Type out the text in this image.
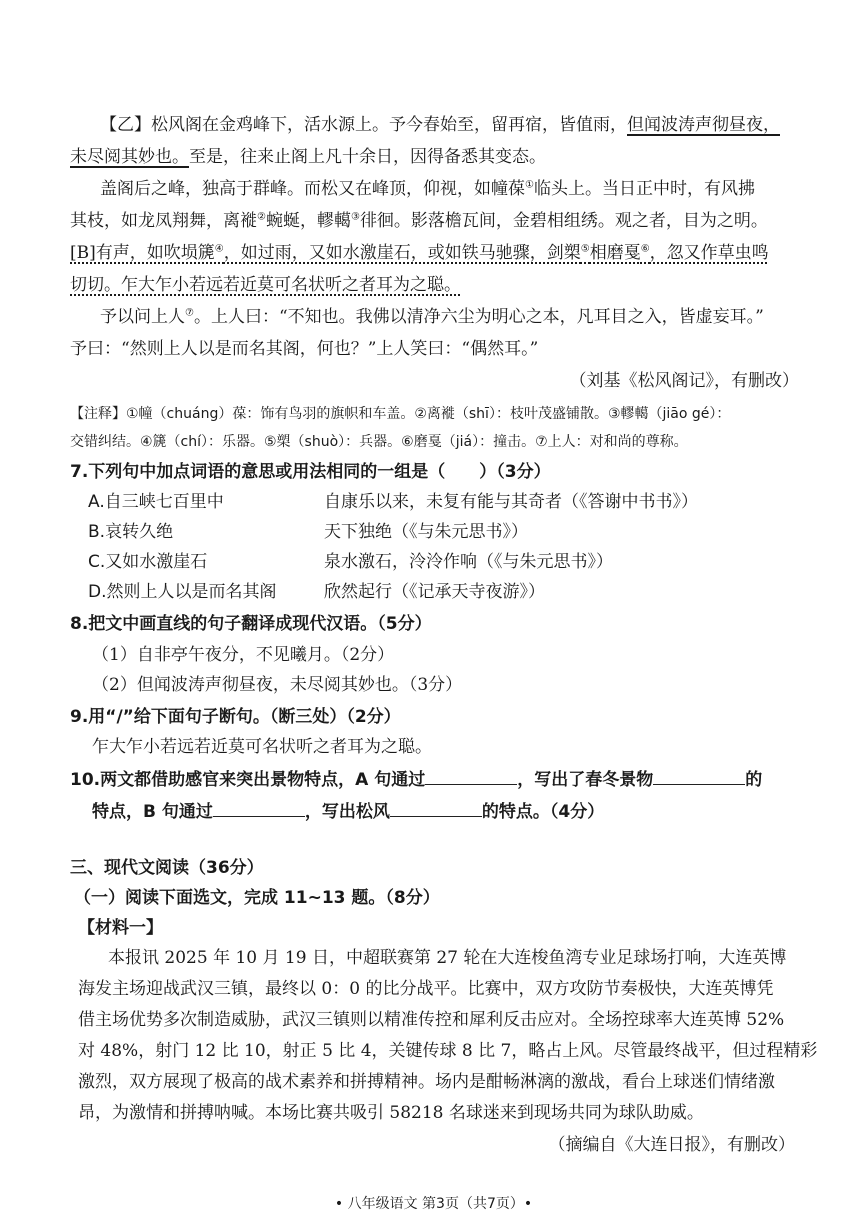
【乙】松风阁在金鸡峰下，活水源上。予今春始至，留再宿，皆值雨，但闻波涛声彻昼夜，
未尽阅其妙也。至是，往来止阁上凡十余日，因得备悉其变态。
盖阁后之峰，独高于群峰。而松又在峰顶，仰视，如幢葆①临头上。当日正中时，有风拂
其枝，如龙凤翔舞，离褷②蜿蜒，轇轕③徘徊。影落檐瓦间，金碧相组绣。观之者，目为之明。
[B]有声，如吹埙篪④，如过雨，又如水激崖石，或如铁马驰骤，剑槊⑤相磨戛⑥，忽又作草虫鸣
切切。乍大乍小若远若近莫可名状听之者耳为之聪。
予以问上人⑦。上人曰：“不知也。我佛以清净六尘为明心之本，凡耳目之入，皆虚妄耳。”
予曰：“然则上人以是而名其阁，何也？”上人笑曰：“偶然耳。”
（刘基《松风阁记》，有删改）
【注释】①幢（chuáng）葆：饰有鸟羽的旗帜和车盖。②离褷（shī）：枝叶茂盛铺散。③轇轕（jiāo gé）：
交错纠结。④篪（chí）：乐器。⑤槊（shuò）：兵器。⑥磨戛（jiá）：撞击。⑦上人：对和尚的尊称。
7.下列句中加点词语的意思或用法相同的一组是（　　）（3分）
A.自三峡七百里中	自康乐以来，未复有能与其奇者（《答谢中书书》）
B.哀转久绝	天下独绝（《与朱元思书》）
C.又如水激崖石	泉水激石，泠泠作响（《与朱元思书》）
D.然则上人以是而名其阁	欣然起行（《记承天寺夜游》）
8.把文中画直线的句子翻译成现代汉语。（5分）
（1）自非亭午夜分，不见曦月。（2分）
（2）但闻波涛声彻昼夜，未尽阅其妙也。（3分）
9.用“/”给下面句子断句。（断三处）（2分）
乍大乍小若远若近莫可名状听之者耳为之聪。
10.两文都借助感官来突出景物特点，A 句通过	，写出了春冬景物	的
特点，B 句通过	，写出松风	的特点。（4分）
三、现代文阅读（36分）
（一）阅读下面选文，完成 11~13 题。（8分）
【材料一】
本报讯 2025 年 10 月 19 日，中超联赛第 27 轮在大连梭鱼湾专业足球场打响，大连英博
海发主场迎战武汉三镇，最终以 0：0 的比分战平。比赛中，双方攻防节奏极快，大连英博凭
借主场优势多次制造威胁，武汉三镇则以精准传控和犀利反击应对。全场控球率大连英博 52%
对 48%，射门 12 比 10，射正 5 比 4，关键传球 8 比 7，略占上风。尽管最终战平，但过程精彩
激烈，双方展现了极高的战术素养和拼搏精神。场内是酣畅淋漓的激战，看台上球迷们情绪激
昂，为激情和拼搏呐喊。本场比赛共吸引 58218 名球迷来到现场共同为球队助威。
（摘编自《大连日报》，有删改）
• 八年级语文 第3页（共7页）•
